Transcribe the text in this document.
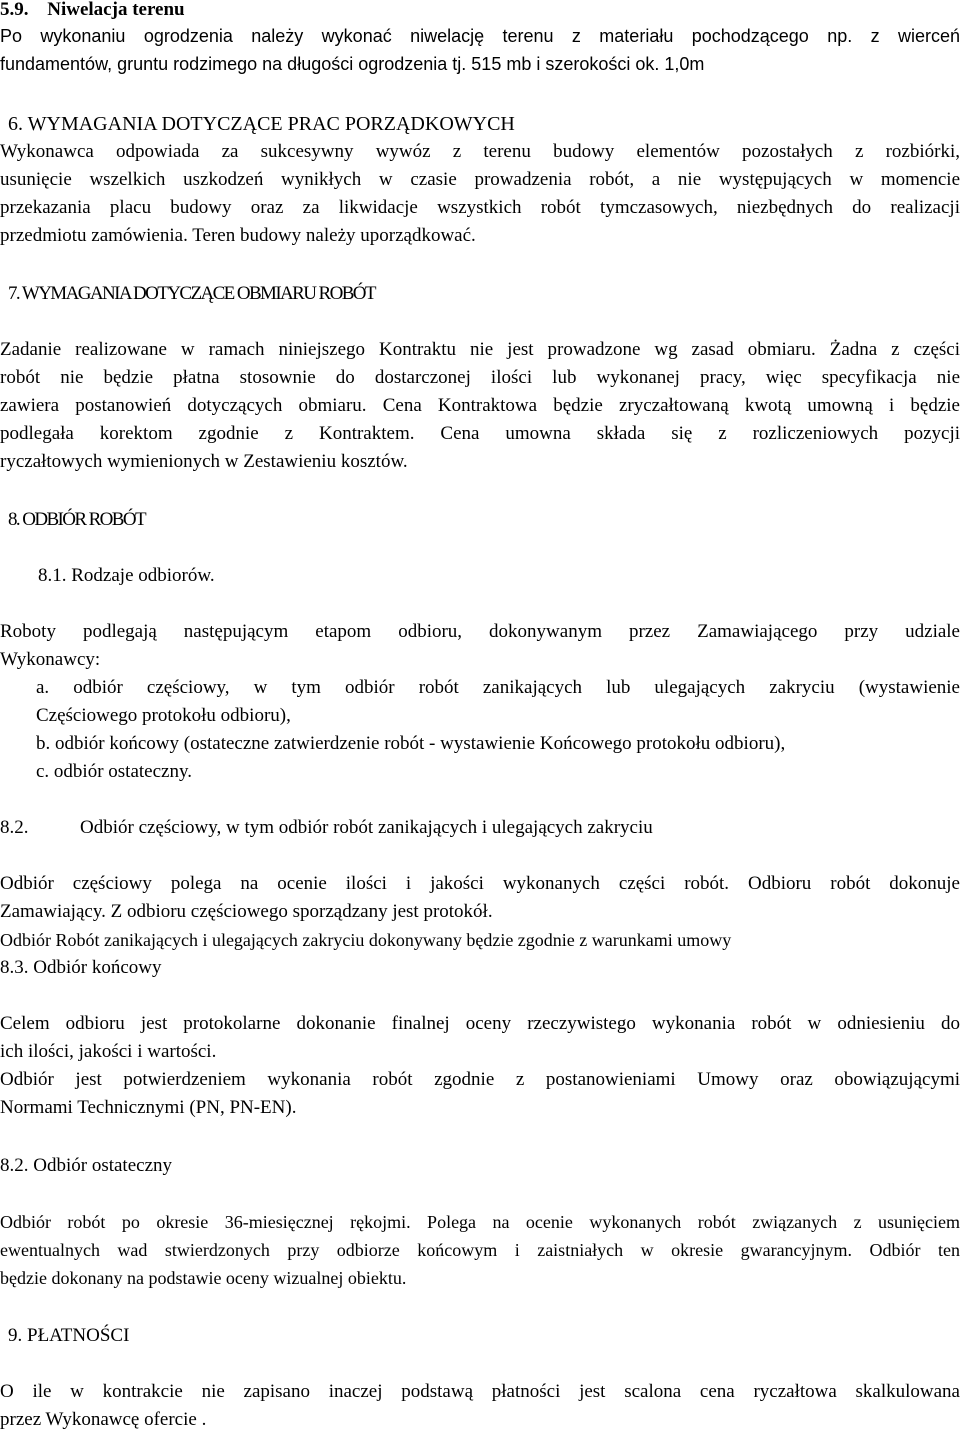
5.9. Niwelacja terenu
Po wykonaniu ogrodzenia należy wykonać niwelację terenu z materiału pochodzącego np. z wierceń
fundamentów, gruntu rodzimego na długości ogrodzenia tj. 515 mb i szerokości ok. 1,0m
6. WYMAGANIA DOTYCZĄCE PRAC PORZĄDKOWYCH
Wykonawca odpowiada za sukcesywny wywóz z terenu budowy elementów pozostałych z rozbiórki,
usunięcie wszelkich uszkodzeń wynikłych w czasie prowadzenia robót, a nie występujących w momencie
przekazania placu budowy oraz za likwidacje wszystkich robót tymczasowych, niezbędnych do realizacji
przedmiotu zamówienia. Teren budowy należy uporządkować.
7. WYMAGANIA DOTYCZĄCE OBMIARU ROBÓT
Zadanie realizowane w ramach niniejszego Kontraktu nie jest prowadzone wg zasad obmiaru. Żadna z części
robót nie będzie płatna stosownie do dostarczonej ilości lub wykonanej pracy, więc specyfikacja nie
zawiera postanowień dotyczących obmiaru. Cena Kontraktowa będzie zryczałtowaną kwotą umowną i będzie
podlegała korektom zgodnie z Kontraktem. Cena umowna składa się z rozliczeniowych pozycji
ryczałtowych wymienionych w Zestawieniu kosztów.
8. ODBIÓR ROBÓT
8.1. Rodzaje odbiorów.
Roboty podlegają następującym etapom odbioru, dokonywanym przez Zamawiającego przy udziale
Wykonawcy:
a. odbiór częściowy, w tym odbiór robót zanikających lub ulegających zakryciu (wystawienie
Częściowego protokołu odbioru),
b. odbiór końcowy (ostateczne zatwierdzenie robót - wystawienie Końcowego protokołu odbioru),
c. odbiór ostateczny.
8.2.	Odbiór częściowy, w tym odbiór robót zanikających i ulegających zakryciu
Odbiór częściowy polega na ocenie ilości i jakości wykonanych części robót. Odbioru robót dokonuje
Zamawiający. Z odbioru częściowego sporządzany jest protokół.
Odbiór Robót zanikających i ulegających zakryciu dokonywany będzie zgodnie z warunkami umowy
8.3. Odbiór końcowy
Celem odbioru jest protokolarne dokonanie finalnej oceny rzeczywistego wykonania robót w odniesieniu do
ich ilości, jakości i wartości.
Odbiór jest potwierdzeniem wykonania robót zgodnie z postanowieniami Umowy oraz obowiązującymi
Normami Technicznymi (PN, PN-EN).
8.2. Odbiór ostateczny
Odbiór robót po okresie 36-miesięcznej rękojmi. Polega na ocenie wykonanych robót związanych z usunięciem
ewentualnych wad stwierdzonych przy odbiorze końcowym i zaistniałych w okresie gwarancyjnym. Odbiór ten
będzie dokonany na podstawie oceny wizualnej obiektu.
9. PŁATNOŚCI
O ile w kontrakcie nie zapisano inaczej podstawą płatności jest scalona cena ryczałtowa skalkulowana
przez Wykonawcę ofercie .
